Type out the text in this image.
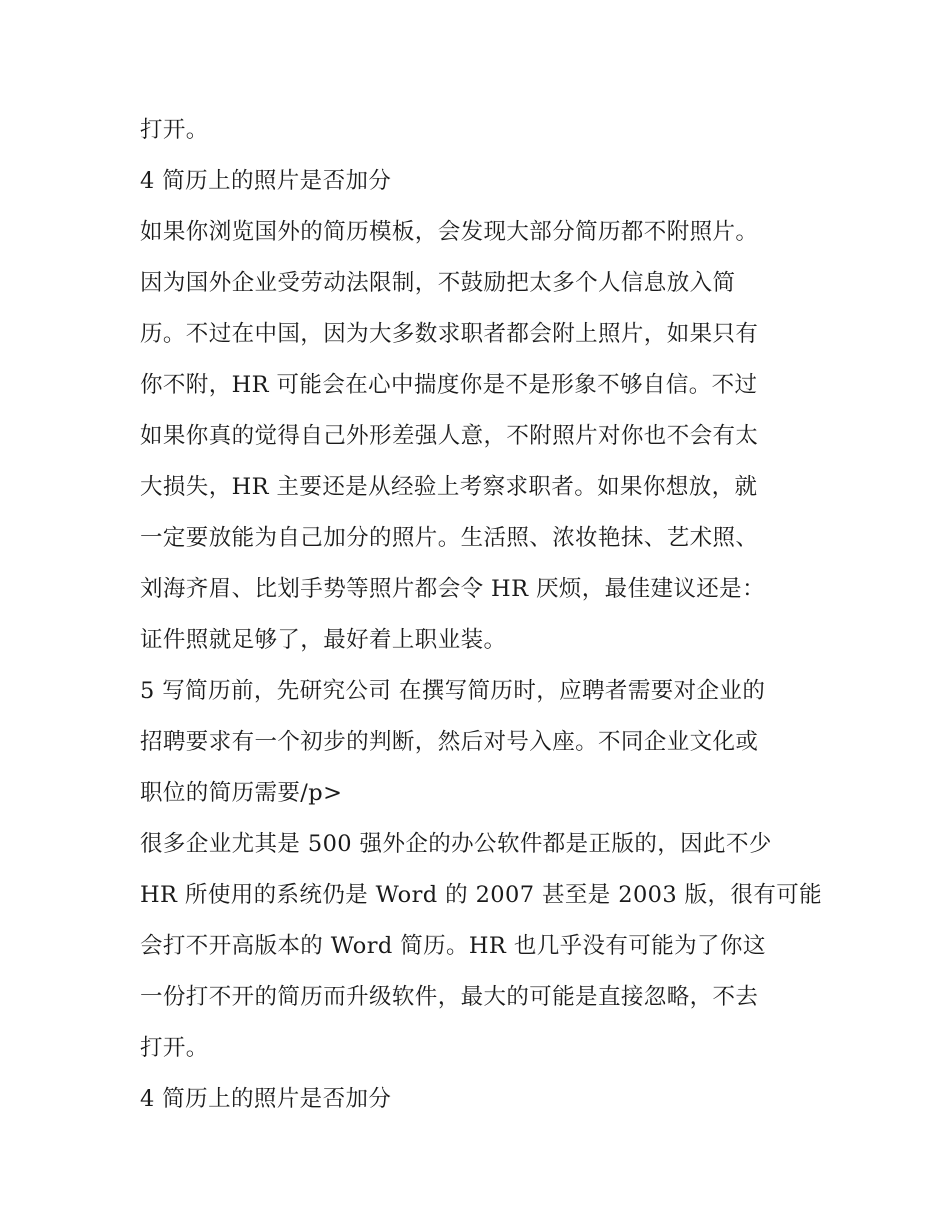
打开。
4 简历上的照片是否加分
如果你浏览国外的简历模板，会发现大部分简历都不附照片。
因为国外企业受劳动法限制，不鼓励把太多个人信息放入简
历。不过在中国，因为大多数求职者都会附上照片，如果只有
你不附，HR 可能会在心中揣度你是不是形象不够自信。不过
如果你真的觉得自己外形差强人意，不附照片对你也不会有太
大损失，HR 主要还是从经验上考察求职者。如果你想放，就
一定要放能为自己加分的照片。生活照、浓妆艳抹、艺术照、
刘海齐眉、比划手势等照片都会令 HR 厌烦，最佳建议还是：
证件照就足够了，最好着上职业装。
5 写简历前，先研究公司 在撰写简历时，应聘者需要对企业的
招聘要求有一个初步的判断，然后对号入座。不同企业文化或
职位的简历需要/p>
很多企业尤其是 500 强外企的办公软件都是正版的，因此不少
HR 所使用的系统仍是 Word 的 2007 甚至是 2003 版，很有可能
会打不开高版本的 Word 简历。HR 也几乎没有可能为了你这
一份打不开的简历而升级软件，最大的可能是直接忽略，不去
打开。
4 简历上的照片是否加分
